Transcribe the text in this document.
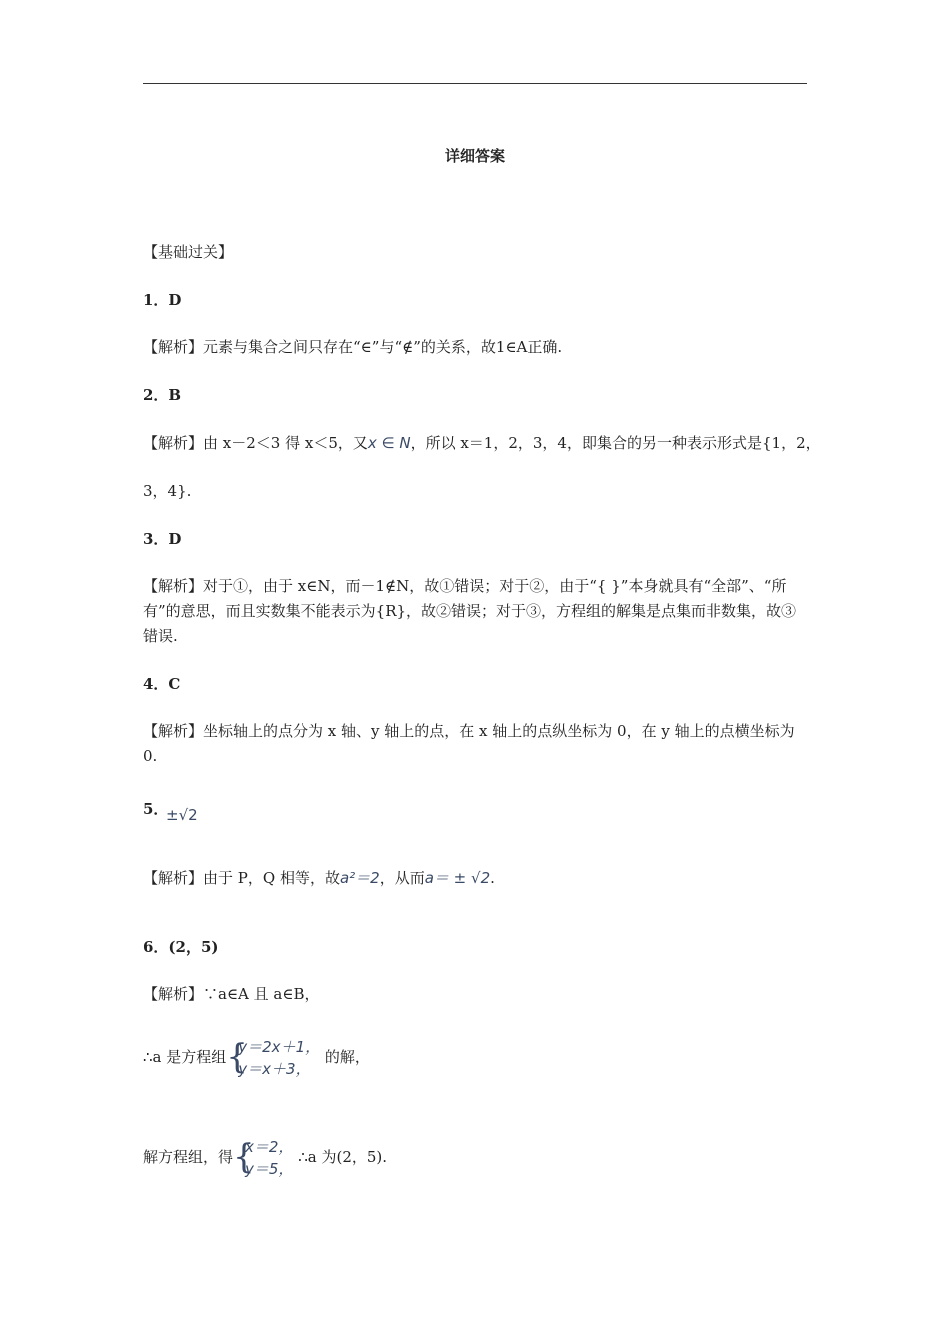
详细答案
【基础过关】
1．D
【解析】元素与集合之间只存在“∈”与“∉”的关系，故1∈A正确.
2．B
【解析】由 x－2＜3 得 x＜5，又x ∈ N，所以 x＝1，2，3，4，即集合的另一种表示形式是{1，2，
3，4}.
3．D
【解析】对于①，由于 x∈N，而－1∉N，故①错误；对于②，由于“{ }”本身就具有“全部”、“所有”的意思，而且实数集不能表示为{R}，故②错误；对于③，方程组的解集是点集而非数集，故③错误.
4．C
【解析】坐标轴上的点分为 x 轴、y 轴上的点，在 x 轴上的点纵坐标为 0，在 y 轴上的点横坐标为 0.
5．
±√2
【解析】由于 P，Q 相等，故a²＝2，从而a＝ ± √2.
6．(2，5)
【解析】∵a∈A 且 a∈B，
∴a 是方程组 {
y＝2x＋1，
y＝x＋3，
的解，
解方程组，得 {
x＝2，
y＝5，
∴a 为(2，5).
